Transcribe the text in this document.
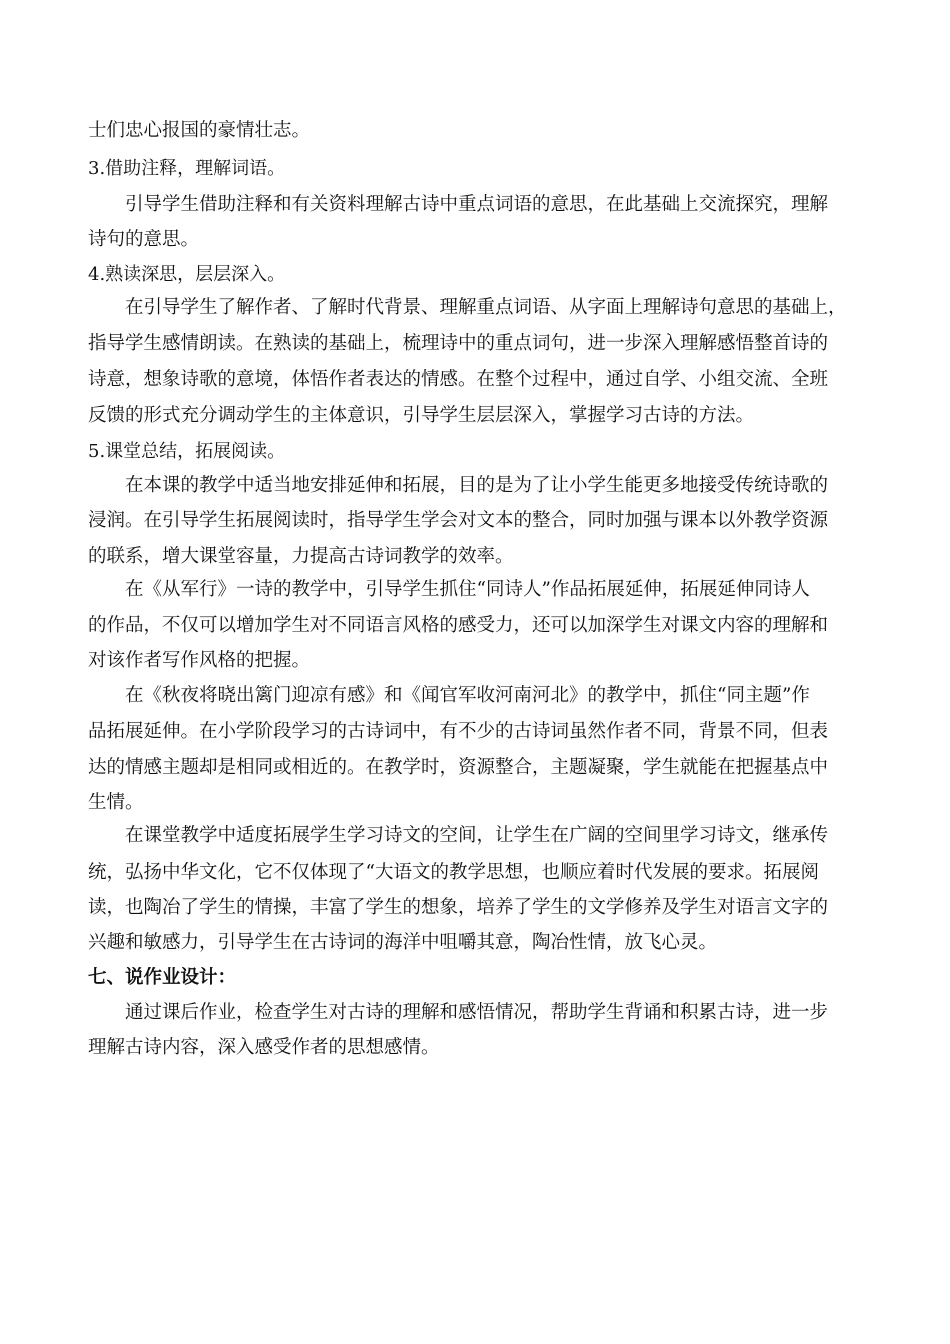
士们忠心报国的豪情壮志。
3.借助注释，理解词语。
　　引导学生借助注释和有关资料理解古诗中重点词语的意思，在此基础上交流探究，理解
诗句的意思。
4.熟读深思，层层深入。
　　在引导学生了解作者、了解时代背景、理解重点词语、从字面上理解诗句意思的基础上，
指导学生感情朗读。在熟读的基础上，梳理诗中的重点词句，进一步深入理解感悟整首诗的
诗意，想象诗歌的意境，体悟作者表达的情感。在整个过程中，通过自学、小组交流、全班
反馈的形式充分调动学生的主体意识，引导学生层层深入，掌握学习古诗的方法。
5.课堂总结，拓展阅读。
　　在本课的教学中适当地安排延伸和拓展，目的是为了让小学生能更多地接受传统诗歌的
浸润。在引导学生拓展阅读时，指导学生学会对文本的整合，同时加强与课本以外教学资源
的联系，增大课堂容量，力提高古诗词教学的效率。
　　在《从军行》一诗的教学中，引导学生抓住“同诗人”作品拓展延伸，拓展延伸同诗人
的作品，不仅可以增加学生对不同语言风格的感受力，还可以加深学生对课文内容的理解和
对该作者写作风格的把握。
　　在《秋夜将晓出篱门迎凉有感》和《闻官军收河南河北》的教学中，抓住“同主题”作
品拓展延伸。在小学阶段学习的古诗词中，有不少的古诗词虽然作者不同，背景不同，但表
达的情感主题却是相同或相近的。在教学时，资源整合，主题凝聚，学生就能在把握基点中
生情。
　　在课堂教学中适度拓展学生学习诗文的空间，让学生在广阔的空间里学习诗文，继承传
统，弘扬中华文化，它不仅体现了“大语文的教学思想，也顺应着时代发展的要求。拓展阅
读，也陶冶了学生的情操，丰富了学生的想象，培养了学生的文学修养及学生对语言文字的
兴趣和敏感力，引导学生在古诗词的海洋中咀嚼其意，陶冶性情，放飞心灵。
七、说作业设计：
　　通过课后作业，检查学生对古诗的理解和感悟情况，帮助学生背诵和积累古诗，进一步
理解古诗内容，深入感受作者的思想感情。
